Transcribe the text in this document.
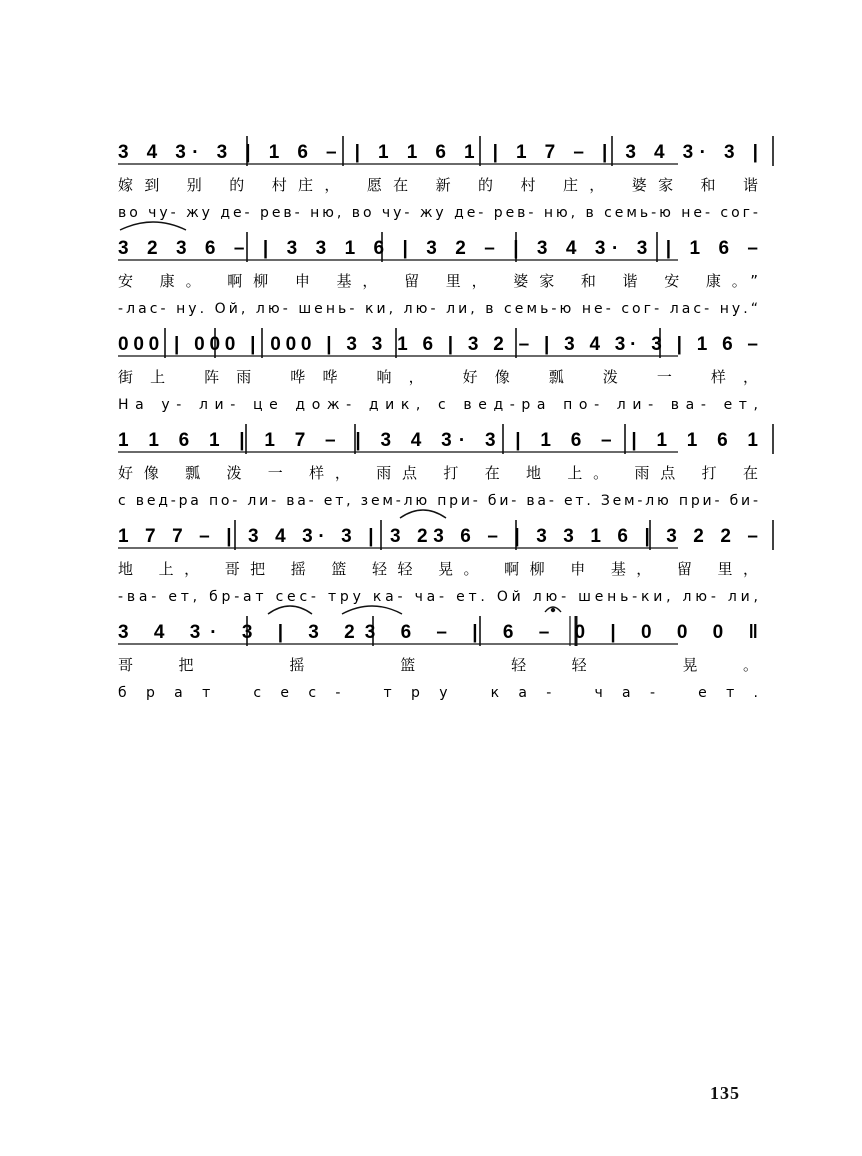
3 4 3· 3 | 1 6 – | 1 1 6 1 | 1 7 – | 3 4 3· 3 |
嫁到 别 的 村庄， 愿在 新 的 村 庄， 婆家 和 谐
во чу- жу де- рев- ню, во чу- жу де- рев- ню, в семь-ю не- сог-
3 2 3 6 – | 3 3 1 6 | 3 2 – | 3 4 3· 3 | 1 6 –
安 康。 啊柳 申 基， 留 里， 婆家 和 谐 安 康。”
-лас- ну. Ой, лю- шень- ки, лю- ли, в семь-ю не- сог- лас- ну.“
000 | 000 | 000 | 3 3 1 6 | 3 2 – | 3 4 3· 3 | 1 6 –
街上 阵雨 哗哗 响， 好像 瓢 泼 一 样，
На у- ли- це дож- дик, с вед-ра по- ли- ва- ет,
1 1 6 1 | 1 7 – | 3 4 3· 3 | 1 6 – | 1 1 6 1
好像 瓢 泼 一 样， 雨点 打 在 地 上。 雨点 打 在
с вед-ра по- ли- ва- ет, зем-лю при- би- ва- ет. Зем-лю при- би-
1 7 7 – | 3 4 3· 3 | 3 23 6 – | 3 3 1 6 | 3 2 2 –
地 上， 哥把 摇 篮 轻轻 晃。 啊柳 申 基， 留 里，
-ва- ет, бр-ат сес- тру ка- ча- ет. Ой лю- шень-ки, лю- ли,
3 4 3· 3 | 3 23 6 – | 6 – 0 | 0 0 0 ‖
哥把 摇 篮 轻轻 晃。
брат сес- тру ка- ча- ет.
135
